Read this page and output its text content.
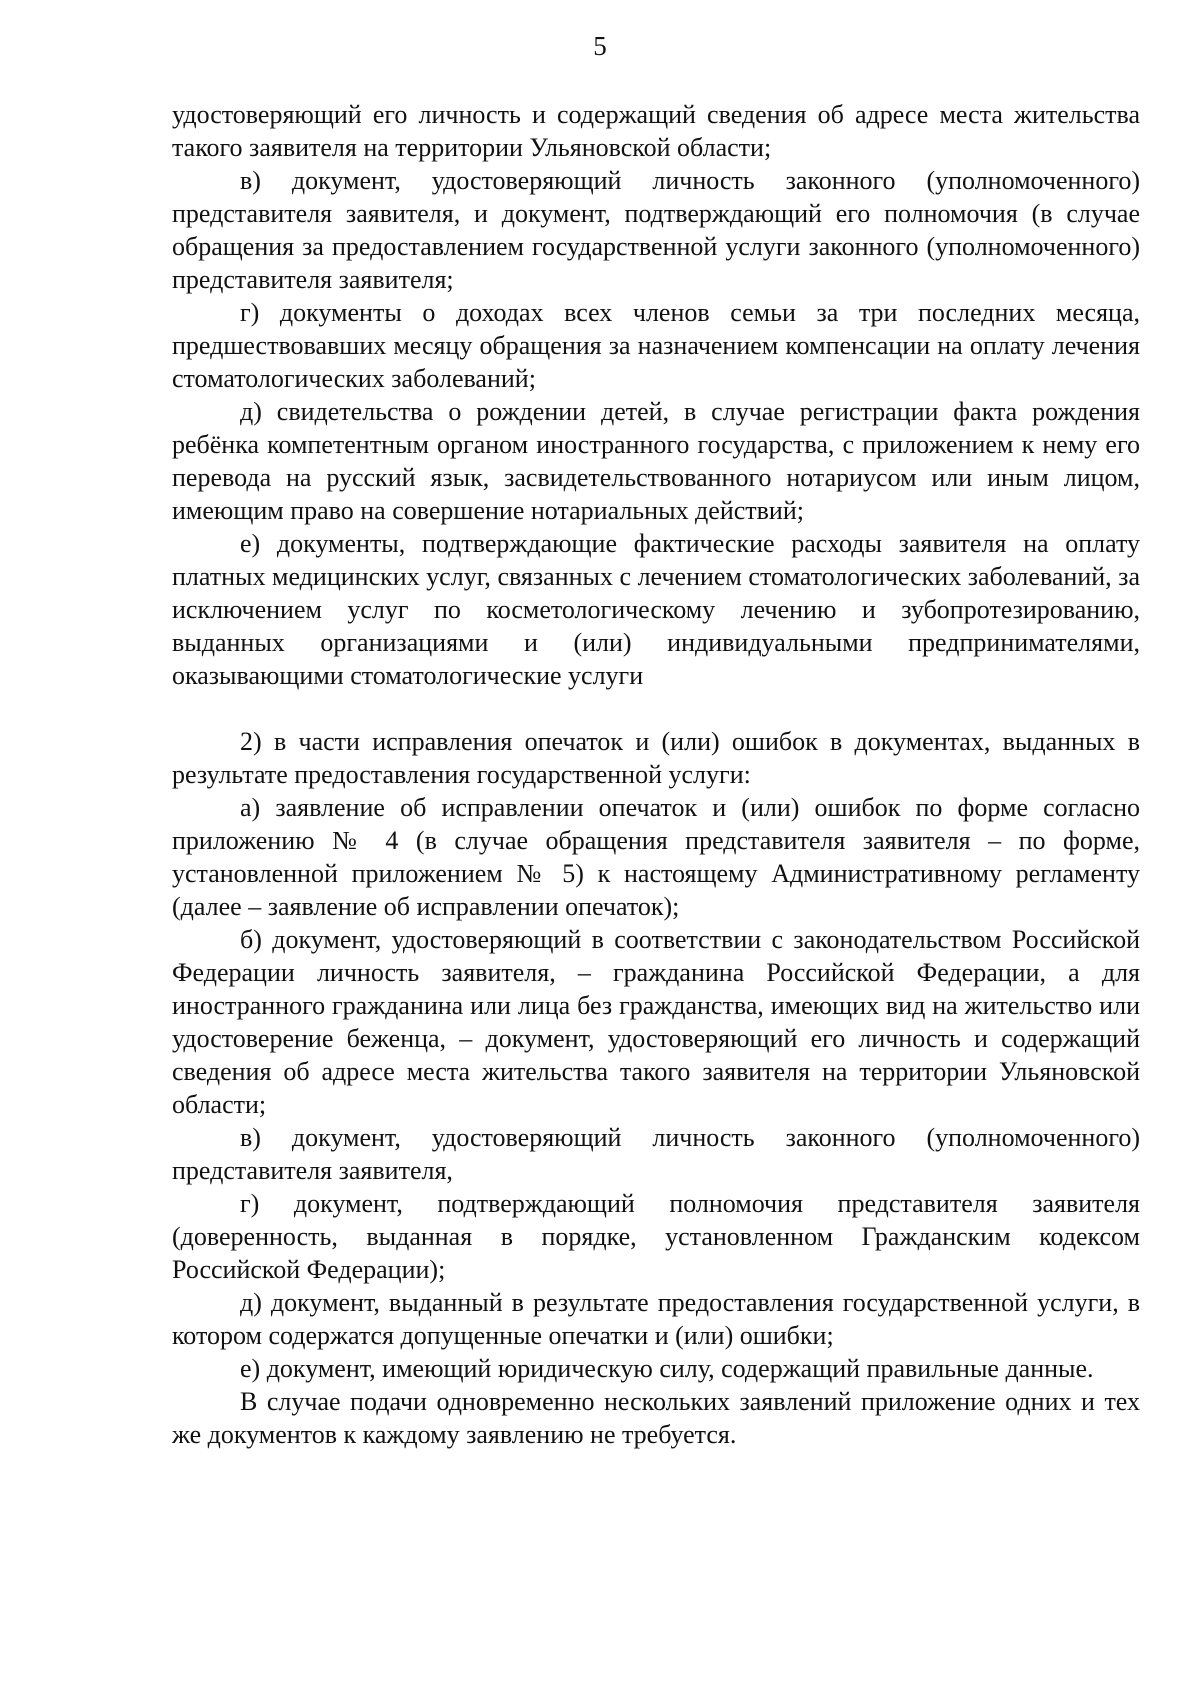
5

удостоверяющий его личность и содержащий сведения об адресе места жительства такого заявителя на территории Ульяновской области;

в) документ, удостоверяющий личность законного (уполномоченного) представителя заявителя, и документ, подтверждающий его полномочия (в случае обращения за предоставлением государственной услуги законного (уполномоченного) представителя заявителя;

г) документы о доходах всех членов семьи за три последних месяца, предшествовавших месяцу обращения за назначением компенсации на оплату лечения стоматологических заболеваний;

д) свидетельства о рождении детей, в случае регистрации факта рождения ребёнка компетентным органом иностранного государства, с приложением к нему его перевода на русский язык, засвидетельствованного нотариусом или иным лицом, имеющим право на совершение нотариальных действий;

е) документы, подтверждающие фактические расходы заявителя на оплату платных медицинских услуг, связанных с лечением стоматологических заболеваний, за исключением услуг по косметологическому лечению и зубопротезированию, выданных организациями и (или) индивидуальными предпринимателями, оказывающими стоматологические услуги

2) в части исправления опечаток и (или) ошибок в документах, выданных в результате предоставления государственной услуги:

а) заявление об исправлении опечаток и (или) ошибок по форме согласно приложению № 4 (в случае обращения представителя заявителя – по форме, установленной приложением № 5) к настоящему Административному регламенту (далее – заявление об исправлении опечаток);

б) документ, удостоверяющий в соответствии с законодательством Российской Федерации личность заявителя, – гражданина Российской Федерации, а для иностранного гражданина или лица без гражданства, имеющих вид на жительство или удостоверение беженца, – документ, удостоверяющий его личность и содержащий сведения об адресе места жительства такого заявителя на территории Ульяновской области;

в) документ, удостоверяющий личность законного (уполномоченного) представителя заявителя,

г) документ, подтверждающий полномочия представителя заявителя (доверенность, выданная в порядке, установленном Гражданским кодексом Российской Федерации);

д) документ, выданный в результате предоставления государственной услуги, в котором содержатся допущенные опечатки и (или) ошибки;

е) документ, имеющий юридическую силу, содержащий правильные данные.

В случае подачи одновременно нескольких заявлений приложение одних и тех же документов к каждому заявлению не требуется.
